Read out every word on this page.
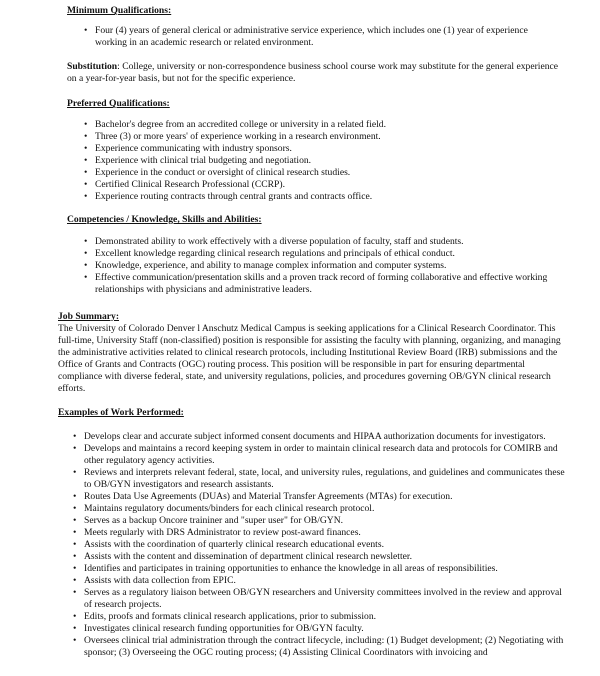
Minimum Qualifications:
• Four (4) years of general clerical or administrative service experience, which includes one (1) year of experience working in an academic research or related environment.

Substitution: College, university or non-correspondence business school course work may substitute for the general experience on a year-for-year basis, but not for the specific experience.

Preferred Qualifications:
• Bachelor's degree from an accredited college or university in a related field.
• Three (3) or more years' of experience working in a research environment.
• Experience communicating with industry sponsors.
• Experience with clinical trial budgeting and negotiation.
• Experience in the conduct or oversight of clinical research studies.
• Certified Clinical Research Professional (CCRP).
• Experience routing contracts through central grants and contracts office.
Competencies / Knowledge, Skills and Abilities:
• Demonstrated ability to work effectively with a diverse population of faculty, staff and students.
• Excellent knowledge regarding clinical research regulations and principals of ethical conduct.
• Knowledge, experience, and ability to manage complex information and computer systems.
• Effective communication/presentation skills and a proven track record of forming collaborative and effective working relationships with physicians and administrative leaders.
Job Summary:

The University of Colorado Denver l Anschutz Medical Campus is seeking applications for a Clinical Research Coordinator. This full-time, University Staff (non-classified) position is responsible for assisting the faculty with planning, organizing, and managing the administrative activities related to clinical research protocols, including Institutional Review Board (IRB) submissions and the Office of Grants and Contracts (OGC) routing process. This position will be responsible in part for ensuring departmental compliance with diverse federal, state, and university regulations, policies, and procedures governing OB/GYN clinical research efforts.

Examples of Work Performed:
• Develops clear and accurate subject informed consent documents and HIPAA authorization documents for investigators.
• Develops and maintains a record keeping system in order to maintain clinical research data and protocols for COMIRB and other regulatory agency activities.
• Reviews and interprets relevant federal, state, local, and university rules, regulations, and guidelines and communicates these to OB/GYN investigators and research assistants.
• Routes Data Use Agreements (DUAs) and Material Transfer Agreements (MTAs) for execution.
• Maintains regulatory documents/binders for each clinical research protocol.
• Serves as a backup Oncore traininer and "super user" for OB/GYN.
• Meets regularly with DRS Administrator to review post-award finances.
• Assists with the coordination of quarterly clinical research educational events.
• Assists with the content and dissemination of department clinical research newsletter.
• Identifies and participates in training opportunities to enhance the knowledge in all areas of responsibilities.
• Assists with data collection from EPIC.
• Serves as a regulatory liaison between OB/GYN researchers and University committees involved in the review and approval of research projects.
• Edits, proofs and formats clinical research applications, prior to submission.
• Investigates clinical research funding opportunities for OB/GYN faculty.
• Oversees clinical trial administration through the contract lifecycle, including: (1) Budget development; (2) Negotiating with sponsor; (3) Overseeing the OGC routing process; (4) Assisting Clinical Coordinators with invoicing and
